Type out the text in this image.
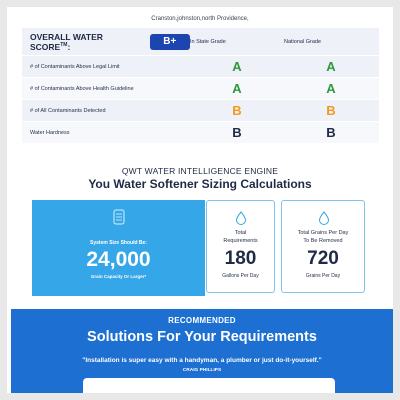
Cranston,johnston,north Providence,
OVERALL WATER SCORE™:	B+	In State Grade	National Grade
# of Contaminants Above Legal Limit	A	A
# of Contaminants Above Health Guideline	A	A
# of All Contaminants Detected	B	B
Water Hardness	B	B
QWT WATER INTELLIGENCE ENGINE
You Water Softener Sizing Calculations
System Size Should Be:
24,000
Grain Capacity Or Larger*
Total
Requirements
180
Gallons Per Day
Total Grains Per Day
To Be Removed
720
Grains Per Day
RECOMMENDED
Solutions For Your Requirements
"Installation is super easy with a handyman, a plumber or just do-it-yourself."
CRAIG PHILLIPS
